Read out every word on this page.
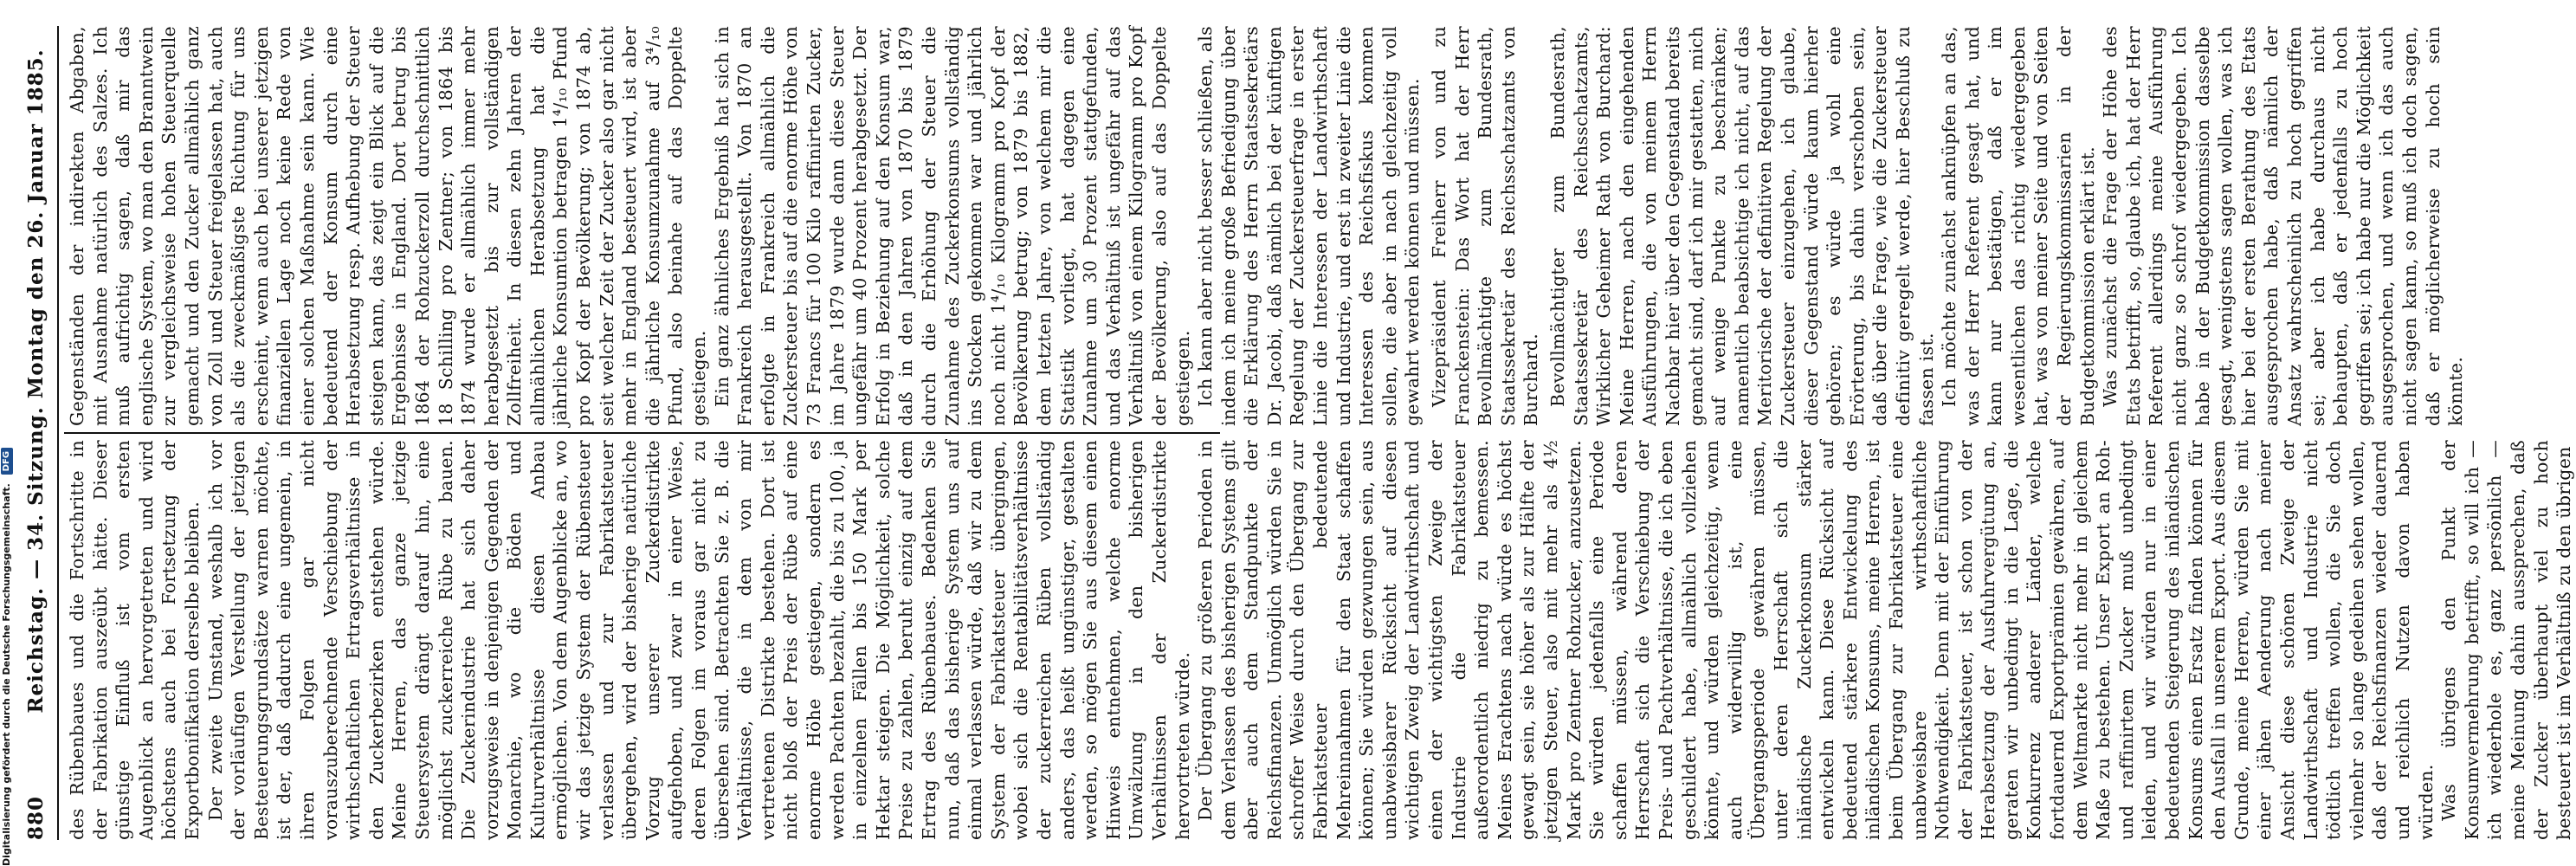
Digitalisierung gefördert durch die Deutsche Forschungsgemeinschaft. DFG
880
Reichstag. — 34. Sitzung. Montag den 26. Januar 1885. des Rübenbaues und die Fortschritte in der Fabrikation auszeübt hätte. Dieser günstige Einfluß ist vom ersten Augenblick an hervorgetreten und wird höchstens auch bei Fortsetzung der Exportbonifikation derselbe bleiben. Der zweite Umstand, weshalb ich vor der vorläufigen Verstellung der jetzigen Besteuerungsgrundsätze warnen möchte, ist der, daß dadurch eine ungemein, in ihren Folgen gar nicht vorauszuberechnende Verschiebung der wirthschaftlichen Ertragsverhältnisse in den Zuckerbezirken entstehen würde. Meine Herren, das ganze jetzige Steuersystem drängt darauf hin, eine möglichst zuckerreiche Rübe zu bauen. Die Zuckerindustrie hat sich daher vorzugsweise in denjenigen Gegenden der Monarchie, wo die Böden und Kulturverhältnisse diesen Anbau ermöglichen. Von dem Augenblicke an, wo wir das jetzige System der Rübensteuer verlassen und zur Fabrikatsteuer übergehen, wird der bisherige natürliche Vorzug unserer Zuckerdistrikte aufgehoben, und zwar in einer Weise, deren Folgen im voraus gar nicht zu übersehen sind. Betrachten Sie z. B. die Verhältnisse, die in dem von mir vertretenen Distrikte bestehen. Dort ist nicht bloß der Preis der Rübe auf eine enorme Höhe gestiegen, sondern es werden Pachten bezahlt, die bis zu 100, ja in einzelnen Fällen bis 150 Mark per Hektar steigen. Die Möglichkeit, solche Preise zu zahlen, beruht einzig auf dem Ertrag des Rübenbaues. Bedenken Sie nun, daß das bisherige System uns auf einmal verlassen würde, daß wir zu dem System der Fabrikatsteuer übergingen, wobei sich die Rentabilitätsverhältnisse der zuckerreichen Rüben vollständig anders, das heißt ungünstiger, gestalten werden, so mögen Sie aus diesem einen Hinweis entnehmen, welche enorme Umwälzung in den bisherigen Verhältnissen der Zuckerdistrikte hervortreten würde. Der Übergang zu größeren Perioden in dem Verlassen des bisherigen Systems gilt aber auch dem Standpunkte der Reichsfinanzen. Unmöglich würden Sie in schroffer Weise durch den Übergang zur Fabrikatsteuer bedeutende Mehreinnahmen für den Staat schaffen können; Sie würden gezwungen sein, aus unabweisbarer Rücksicht auf diesen wichtigen Zweig der Landwirthschaft und einen der wichtigsten Zweige der Industrie die Fabrikatsteuer außerordentlich niedrig zu bemessen. Meines Erachtens nach würde es höchst gewagt sein, sie höher als zur Hälfte der jetzigen Steuer, also mit mehr als 4½ Mark pro Zentner Rohzucker, anzusetzen. Sie würden jedenfalls eine Periode schaffen müssen, während deren Herrschaft sich die Verschiebung der Preis- und Pachtverhältnisse, die ich eben geschildert habe, allmählich vollziehen könnte, und würden gleichzeitig, wenn auch widerwillig ist, eine Übergangsperiode gewähren müssen, unter deren Herrschaft sich die inländische Zuckerkonsum stärker entwickeln kann. Diese Rücksicht auf bedeutend stärkere Entwickelung des inländischen Konsums, meine Herren, ist beim Übergang zur Fabrikatsteuer eine unabweisbare wirthschaftliche Nothwendigkeit. Denn mit der Einführung der Fabrikatsteuer, ist schon von der Herabsetzung der Ausfuhrvergütung an, geraten wir unbedingt in die Lage, die Konkurrenz anderer Länder, welche fortdauernd Exportprämien gewähren, auf dem Weltmarkte nicht mehr in gleichem Maße zu bestehen. Unser Export an Roh- und raffinirtem Zucker muß unbedingt leiden, und wir würden nur in einer bedeutenden Steigerung des inländischen Konsums einen Ersatz finden können für den Ausfall in unserem Export. Aus diesem Grunde, meine Herren, würden Sie mit einer jähen Aenderung nach meiner Ansicht diese schönen Zweige der Landwirthschaft und Industrie nicht tödtlich treffen wollen, die Sie doch vielmehr so lange gedeihen sehen wollen, daß der Reichsfinanzen wieder dauernd und reichlich Nutzen davon haben würden. Was übrigens den Punkt der Konsumvermehrung betrifft, so will ich — ich wiederhole es, ganz persönlich — meine Meinung dahin aussprechen, daß der Zucker überhaupt viel zu hoch besteuert ist im Verhältniß zu den übrigen

Gegenständen der indirekten Abgaben, mit Ausnahme natürlich des Salzes. Ich muß aufrichtig sagen, daß mir das englische System, wo man den Branntwein zur vergleichsweise hohen Steuerquelle gemacht und den Zucker allmählich ganz von Zoll und Steuer freigelassen hat, auch als die zweckmäßigste Richtung für uns erscheint, wenn auch bei unserer jetzigen finanziellen Lage noch keine Rede von einer solchen Maßnahme sein kann. Wie bedeutend der Konsum durch eine Herabsetzung resp. Aufhebung der Steuer steigen kann, das zeigt ein Blick auf die Ergebnisse in England. Dort betrug bis 1864 der Rohzuckerzoll durchschnittlich 18 Schilling pro Zentner; von 1864 bis 1874 wurde er allmählich immer mehr herabgesetzt bis zur vollständigen Zollfreiheit. In diesen zehn Jahren der allmählichen Herabsetzung hat die jährliche Konsumtion betragen 1⁴/₁₀ Pfund pro Kopf der Bevölkerung; von 1874 ab, seit welcher Zeit der Zucker also gar nicht mehr in England besteuert wird, ist aber die jährliche Konsumzunahme auf 3⁴/₁₀ Pfund, also beinahe auf das Doppelte gestiegen. Ein ganz ähnliches Ergebniß hat sich in Frankreich herausgestellt. Von 1870 an erfolgte in Frankreich allmählich die Zuckersteuer bis auf die enorme Höhe von 73 Francs für 100 Kilo raffinirten Zucker, im Jahre 1879 wurde dann diese Steuer ungefähr um 40 Prozent herabgesetzt. Der Erfolg in Beziehung auf den Konsum war, daß in den Jahren von 1870 bis 1879 durch die Erhöhung der Steuer die Zunahme des Zuckerkonsums vollständig ins Stocken gekommen war und jährlich noch nicht 1⁴/₁₀ Kilogramm pro Kopf der Bevölkerung betrug; von 1879 bis 1882, dem letzten Jahre, von welchem mir die Statistik vorliegt, hat dagegen eine Zunahme um 30 Prozent stattgefunden, und das Verhältniß ist ungefähr auf das Verhältniß von einem Kilogramm pro Kopf der Bevölkerung, also auf das Doppelte gestiegen. Ich kann aber nicht besser schließen, als indem ich meine große Befriedigung über die Erklärung des Herrn Staatssekretärs Dr. Jacobi, daß nämlich bei der künftigen Regelung der Zuckersteuerfrage in erster Linie die Interessen der Landwirthschaft und Industrie, und erst in zweiter Linie die Interessen des Reichsfiskus kommen sollen, die aber in nach gleichzeitig voll gewahrt werden können und müssen. Vizepräsident Freiherr von und zu Franckenstein: Das Wort hat der Herr Bevollmächtigte zum Bundesrath, Staatssekretär des Reichsschatzamts von Burchard. Bevollmächtigter zum Bundesrath, Staatssekretär des Reichsschatzamts, Wirklicher Geheimer Rath von Burchard: Meine Herren, nach den eingehenden Ausführungen, die von meinem Herrn Nachbar hier über den Gegenstand bereits gemacht sind, darf ich mir gestatten, mich auf wenige Punkte zu beschränken; namentlich beabsichtige ich nicht, auf das Meritorische der definitiven Regelung der Zuckersteuer einzugehen, ich glaube, dieser Gegenstand würde kaum hierher gehören; es würde ja wohl eine Erörterung, bis dahin verschoben sein, daß über die Frage, wie die Zuckersteuer definitiv geregelt werde, hier Beschluß zu fassen ist. Ich möchte zunächst anknüpfen an das, was der Herr Referent gesagt hat, und kann nur bestätigen, daß er im wesentlichen das richtig wiedergegeben hat, was von meiner Seite und von Seiten der Regierungskommissarien in der Budgetkommission erklärt ist. Was zunächst die Frage der Höhe des Etats betrifft, so, glaube ich, hat der Herr Referent allerdings meine Ausführung nicht ganz so schrof wiedergegeben. Ich habe in der Budgetkommission dasselbe gesagt, wenigstens sagen wollen, was ich hier bei der ersten Berathung des Etats ausgesprochen habe, daß nämlich der Ansatz wahrscheinlich zu hoch gegriffen sei; aber ich habe durchaus nicht behaupten, daß er jedenfalls zu hoch gegriffen sei; ich habe nur die Möglichkeit ausgesprochen, und wenn ich das auch nicht sagen kann, so muß ich doch sagen, daß er möglicherweise zu hoch sein könnte.
